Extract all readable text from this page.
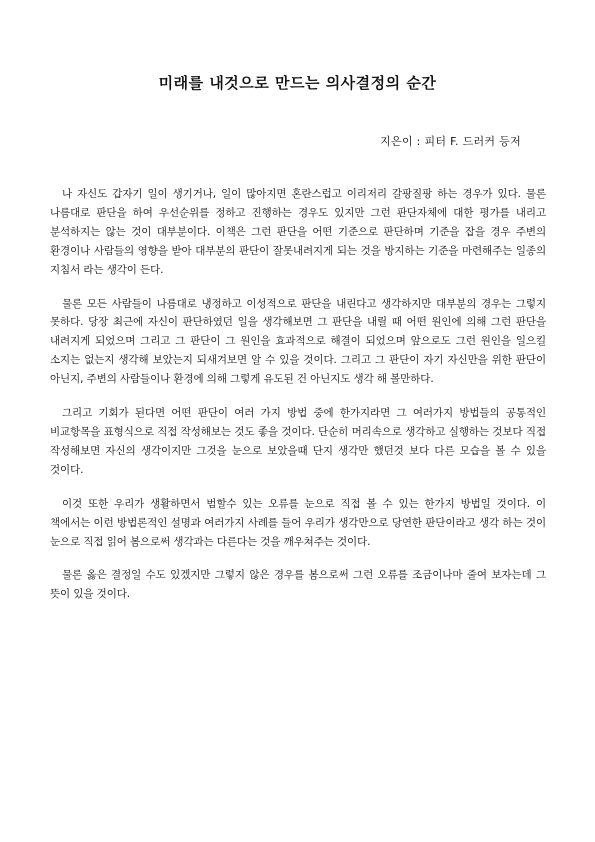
미래를 내것으로 만드는 의사결정의 순간
지은이 : 피터 F. 드러커 등저

나 자신도 갑자기 일이 생기거나, 일이 많아지면 혼란스럽고 이리저리 갈팡질팡 하는 경우가 있다. 물론 나름대로 판단을 하여 우선순위를 정하고 진행하는 경우도 있지만 그런 판단자체에 대한 평가를 내리고 분석하지는 않는 것이 대부분이다. 이책은 그런 판단을 어떤 기준으로 판단하며 기준을 잡을 경우 주변의 환경이나 사람들의 영향을 받아 대부분의 판단이 잘못내려지게 되는 것을 방지하는 기준을 마련해주는 일종의 지침서 라는 생각이 든다.

물론 모든 사람들이 나름대로 냉정하고 이성적으로 판단을 내린다고 생각하지만 대부분의 경우는 그렇지 못하다. 당장 최근에 자신이 판단하였던 일을 생각해보면 그 판단을 내릴 때 어떤 원인에 의해 그런 판단을 내려지게 되었으며 그리고 그 판단이 그 원인을 효과적으로 해결이 되었으며 앞으로도 그런 원인을 일으킬 소지는 없는지 생각해 보았는지 되새겨보면 알 수 있을 것이다. 그리고 그 판단이 자기 자신만을 위한 판단이 아닌지, 주변의 사람들이나 환경에 의해 그렇게 유도된 건 아닌지도 생각 해 볼만하다.

그리고 기회가 된다면 어떤 판단이 여러 가지 방법 중에 한가지라면 그 여러가지 방법들의 공통적인 비교항목을 표형식으로 직접 작성해보는 것도 좋을 것이다. 단순히 머리속으로 생각하고 실행하는 것보다 직접 작성해보면 자신의 생각이지만 그것을 눈으로 보았을때 단지 생각만 했던것 보다 다른 모습을 볼 수 있을 것이다.

이것 또한 우리가 생활하면서 범할수 있는 오류를 눈으로 직접 볼 수 있는 한가지 방법일 것이다. 이 책에서는 이런 방법론적인 설명과 여러가지 사례를 들어 우리가 생각만으로 당연한 판단이라고 생각 하는 것이 눈으로 직접 읽어 봄으로써 생각과는 다른다는 것을 깨우쳐주는 것이다.

물론 옳은 결정일 수도 있겠지만 그렇지 않은 경우를 봄으로써 그런 오류를 조금이나마 줄여 보자는데 그 뜻이 있을 것이다.
